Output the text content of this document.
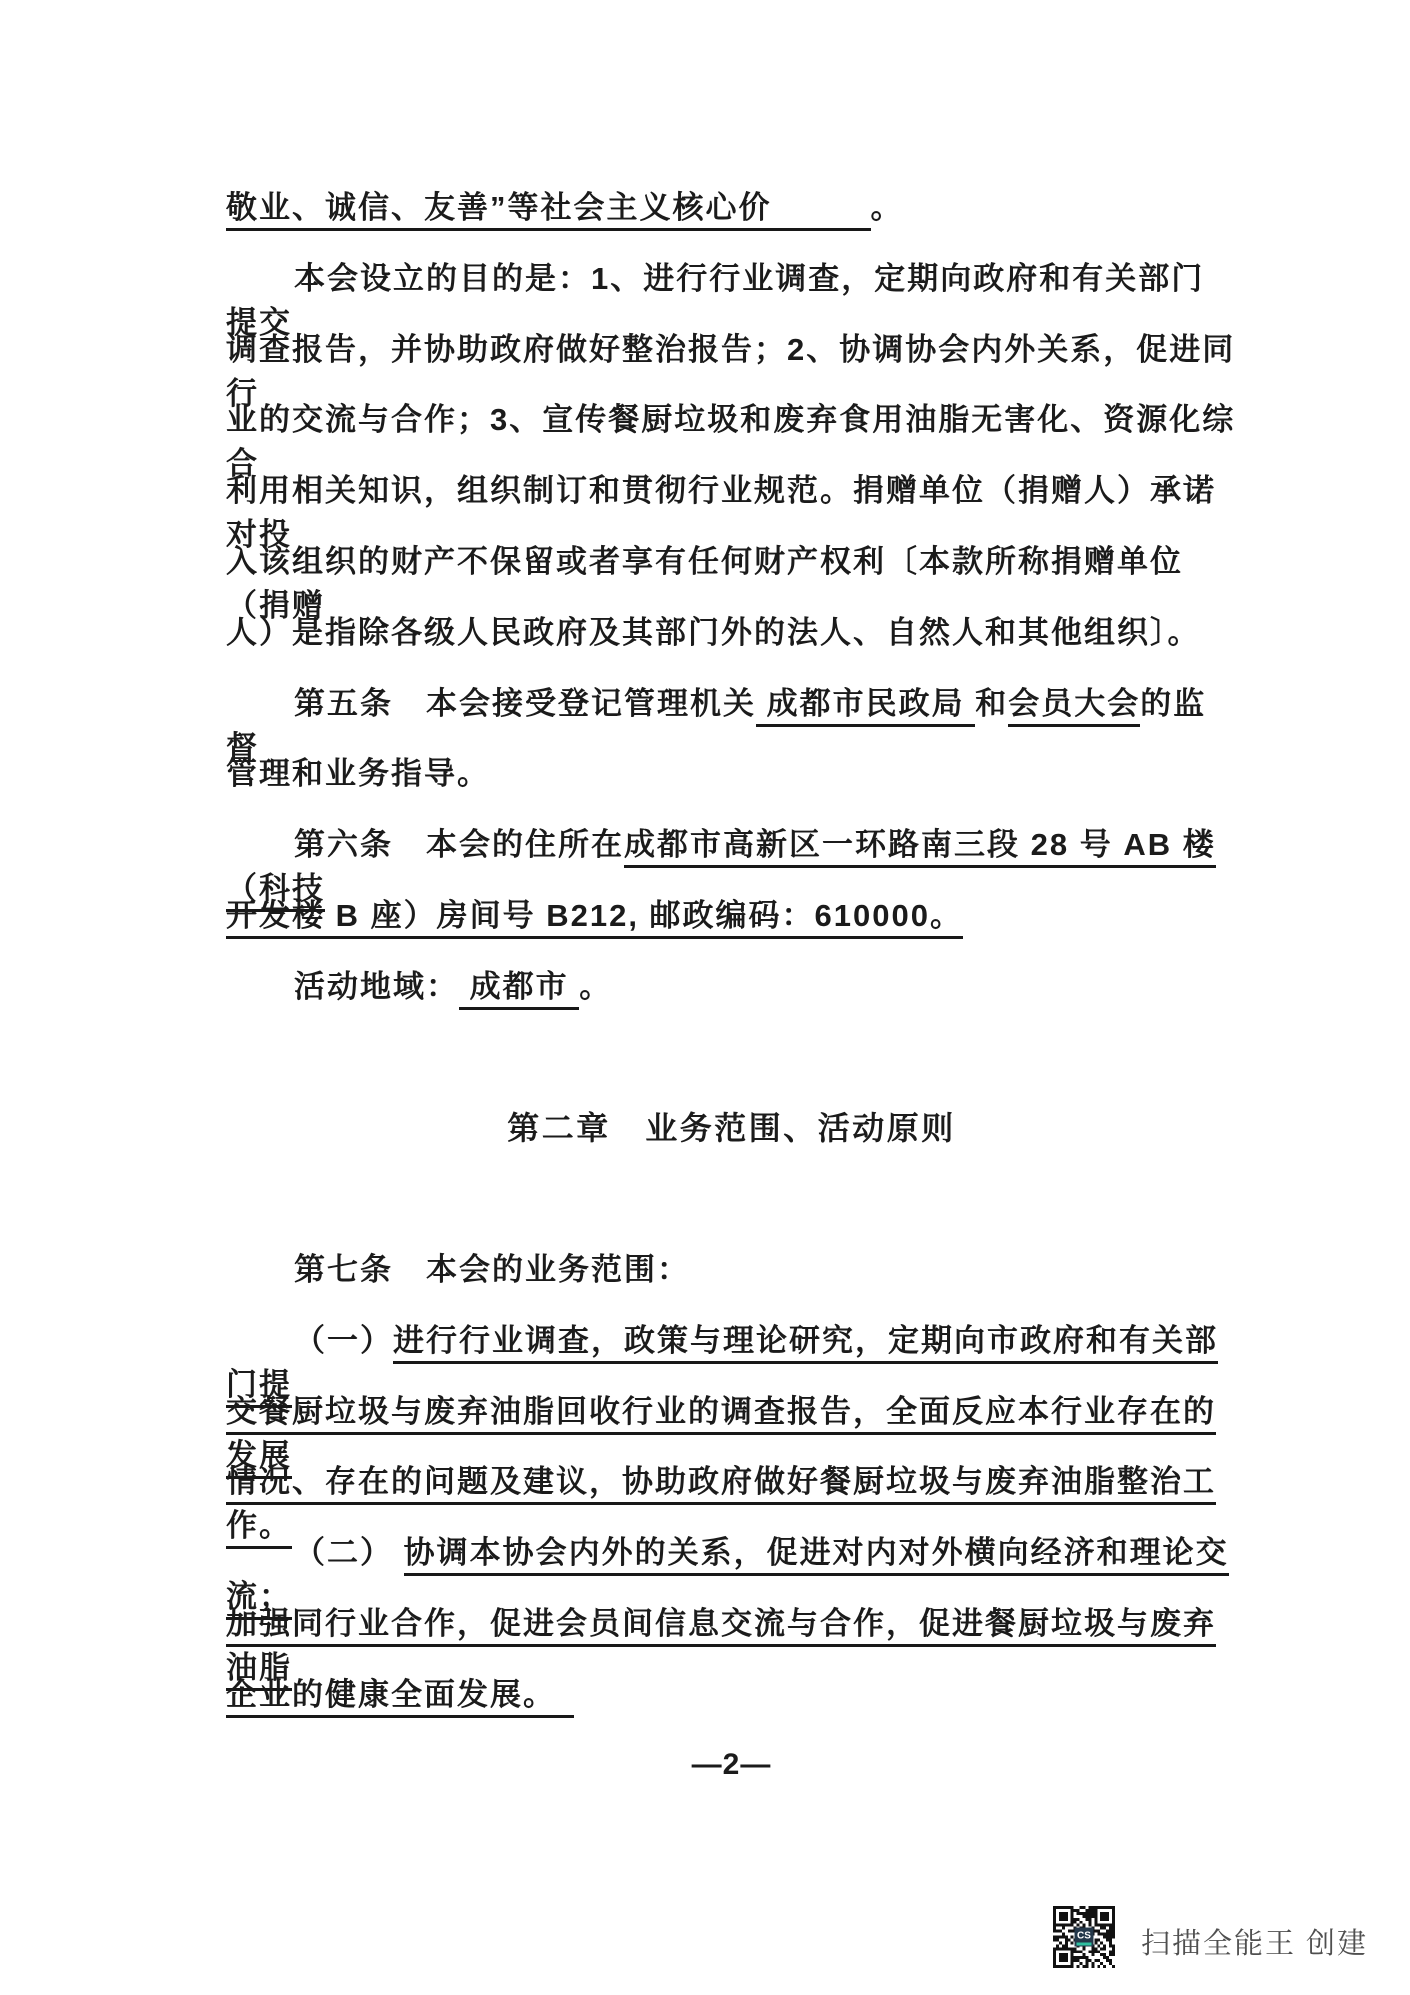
敬业、诚信、友善”等社会主义核心价　　　	。
本会设立的目的是：1、进行行业调查，定期向政府和有关部门提交
调查报告，并协助政府做好整治报告；2、协调协会内外关系，促进同行
业的交流与合作；3、宣传餐厨垃圾和废弃食用油脂无害化、资源化综合
利用相关知识，组织制订和贯彻行业规范。捐赠单位（捐赠人）承诺对投
入该组织的财产不保留或者享有任何财产权利〔本款所称捐赠单位（捐赠
人）是指除各级人民政府及其部门外的法人、自然人和其他组织〕。
第五条　 本会接受登记管理机关 成都市民政局 和会员大会的监督
管理和业务指导。
第六条　 本会的住所在成都市高新区一环路南三段 28 号 AB 楼（科技
开发楼 B 座）房间号 B212, 邮政编码：610000。
活动地域： 成都市 。
第二章　业务范围、活动原则
第七条　 本会的业务范围：
（一）进行行业调查，政策与理论研究，定期向市政府和有关部门提
交餐厨垃圾与废弃油脂回收行业的调查报告，全面反应本行业存在的发展
情况、存在的问题及建议，协助政府做好餐厨垃圾与废弃油脂整治工作。
（二） 协调本协会内外的关系，促进对内对外横向经济和理论交流；
加强同行业合作，促进会员间信息交流与合作，促进餐厨垃圾与废弃油脂
企业的健康全面发展。　
—2—
CS 扫描全能王 创建
